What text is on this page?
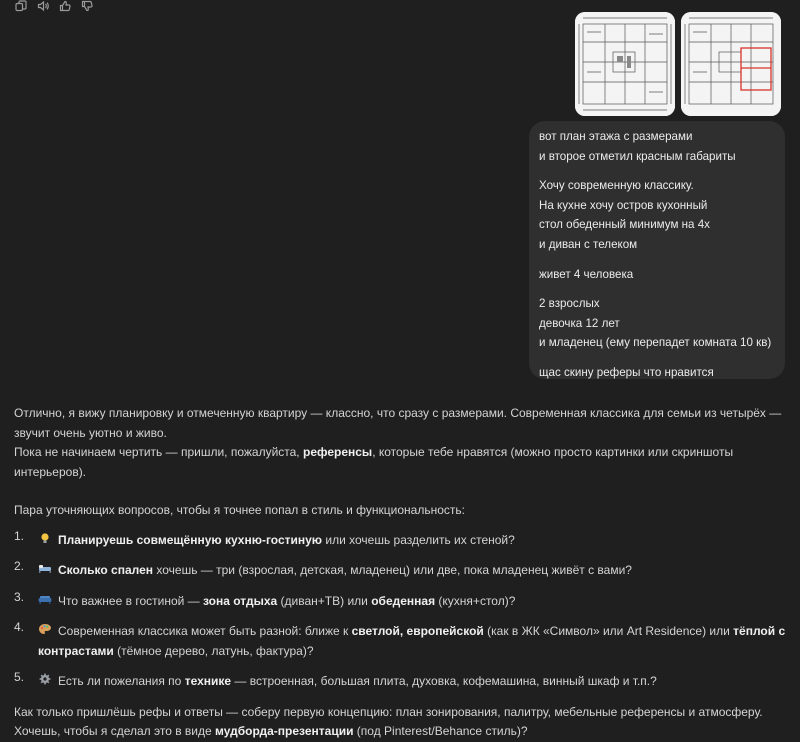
вот план этажа с размерами

и второе отметил красным габариты

Хочу современную классику.

На кухне хочу остров кухонный

стол обеденный минимум на 4х

и диван с телеком

живет 4 человека

2 взрослых

девочка 12 лет

и младенец (ему перепадет комната 10 кв)

щас скину реферы что нравится

Отлично, я вижу планировку и отмеченную квартиру — классно, что сразу с размерами. Современная классика для семьи из четырёх — звучит очень уютно и живо.

Пока не начинаем чертить — пришли, пожалуйста, референсы, которые тебе нравятся (можно просто картинки или скриншоты интерьеров).

Пара уточняющих вопросов, чтобы я точнее попал в стиль и функциональность:

1.	Планируешь совмещённую кухню-гостиную или хочешь разделить их стеной?
2.	Сколько спален хочешь — три (взрослая, детская, младенец) или две, пока младенец живёт с вами?
3.	Что важнее в гостиной — зона отдыха (диван+ТВ) или обеденная (кухня+стол)?
4.	Современная классика может быть разной: ближе к светлой, европейской (как в ЖК «Символ» или Art Residence) или тёплой с контрастами (тёмное дерево, латунь, фактура)?
5.	Есть ли пожелания по технике — встроенная, большая плита, духовка, кофемашина, винный шкаф и т.п.?

Как только пришлёшь рефы и ответы — соберу первую концепцию: план зонирования, палитру, мебельные референсы и атмосферу. Хочешь, чтобы я сделал это в виде мудборда-презентации (под Pinterest/Behance стиль)?
